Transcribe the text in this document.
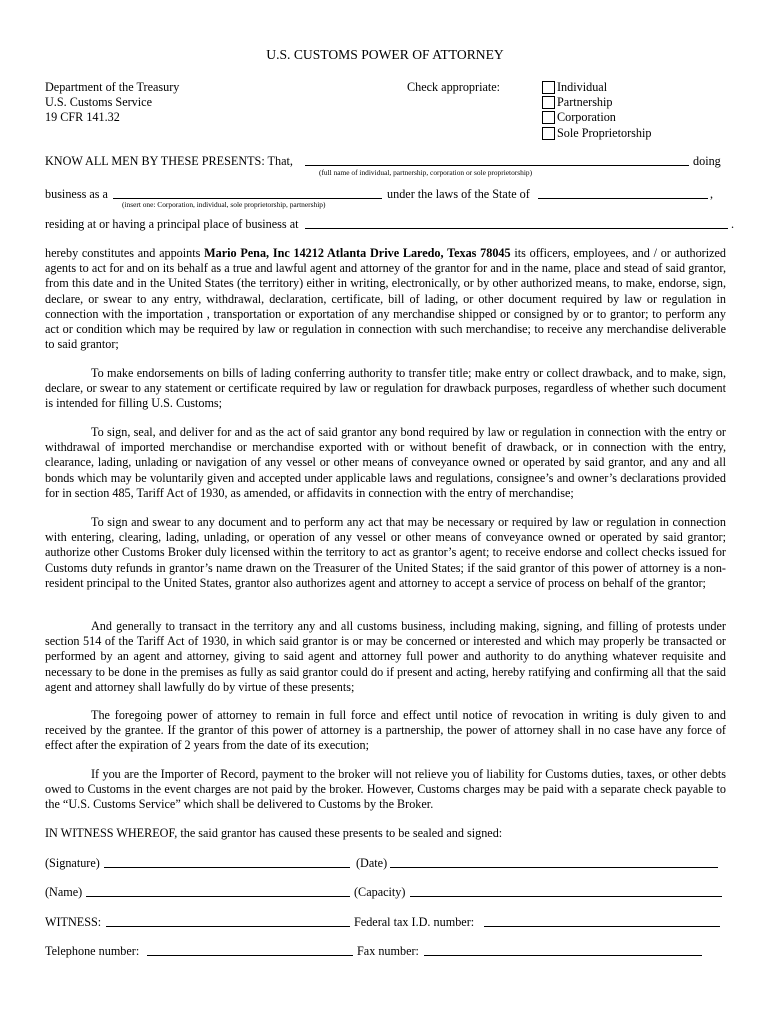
U.S. CUSTOMS POWER OF ATTORNEY
Department of the Treasury
U.S. Customs Service
19 CFR 141.32
Check appropriate:	Individual
Partnership
Corporation
Sole Proprietorship
KNOW ALL MEN BY THESE PRESENTS: That,	doing
(full name of individual, partnership, corporation or sole proprietorship)
business as a	under the laws of the State of	,
(insert one: Corporation, individual, sole proprietorship, partnership)
residing at or having a principal place of business at	.
hereby constitutes and appoints Mario Pena, Inc 14212 Atlanta Drive Laredo, Texas 78045 its officers, employees, and / or authorized agents to act for and on its behalf as a true and lawful agent and attorney of the grantor for and in the name, place and stead of said grantor, from this date and in the United States (the territory) either in writing, electronically, or by other authorized means, to make, endorse, sign, declare, or swear to any entry, withdrawal, declaration, certificate, bill of lading, or other document required by law or regulation in connection with the importation , transportation or exportation of any merchandise shipped or consigned by or to grantor; to perform any act or condition which may be required by law or regulation in connection with such merchandise; to receive any merchandise deliverable to said grantor;
To make endorsements on bills of lading conferring authority to transfer title; make entry or collect drawback, and to make, sign, declare, or swear to any statement or certificate required by law or regulation for drawback purposes, regardless of whether such document is intended for filling U.S. Customs;
To sign, seal, and deliver for and as the act of said grantor any bond required by law or regulation in connection with the entry or withdrawal of imported merchandise or merchandise exported with or without benefit of drawback, or in connection with the entry, clearance, lading, unlading or navigation of any vessel or other means of conveyance owned or operated by said grantor, and any and all bonds which may be voluntarily given and accepted under applicable laws and regulations, consignee’s and owner’s declarations provided for in section 485, Tariff Act of 1930, as amended, or affidavits in connection with the entry of merchandise;
To sign and swear to any document and to perform any act that may be necessary or required by law or regulation in connection with entering, clearing, lading, unlading, or operation of any vessel or other means of conveyance owned or operated by said grantor; authorize other Customs Broker duly licensed within the territory to act as grantor’s agent; to receive endorse and collect checks issued for Customs duty refunds in grantor’s name drawn on the Treasurer of the United States; if the said grantor of this power of attorney is a non-resident principal to the United States, grantor also authorizes agent and attorney to accept a service of process on behalf of the grantor;
And generally to transact in the territory any and all customs business, including making, signing, and filling of protests under section 514 of the Tariff Act of 1930, in which said grantor is or may be concerned or interested and which may properly be transacted or performed by an agent and attorney, giving to said agent and attorney full power and authority to do anything whatever requisite and necessary to be done in the premises as fully as said grantor could do if present and acting, hereby ratifying and confirming all that the said agent and attorney shall lawfully do by virtue of these presents;
The foregoing power of attorney to remain in full force and effect until notice of revocation in writing is duly given to and received by the grantee. If the grantor of this power of attorney is a partnership, the power of attorney shall in no case have any force of effect after the expiration of 2 years from the date of its execution;
If you are the Importer of Record, payment to the broker will not relieve you of liability for Customs duties, taxes, or other debts owed to Customs in the event charges are not paid by the broker. However, Customs charges may be paid with a separate check payable to the “U.S. Customs Service” which shall be delivered to Customs by the Broker.
IN WITNESS WHEREOF, the said grantor has caused these presents to be sealed and signed:
(Signature)	(Date)
(Name)	(Capacity)
WITNESS:	Federal tax I.D. number:
Telephone number:	Fax number:
